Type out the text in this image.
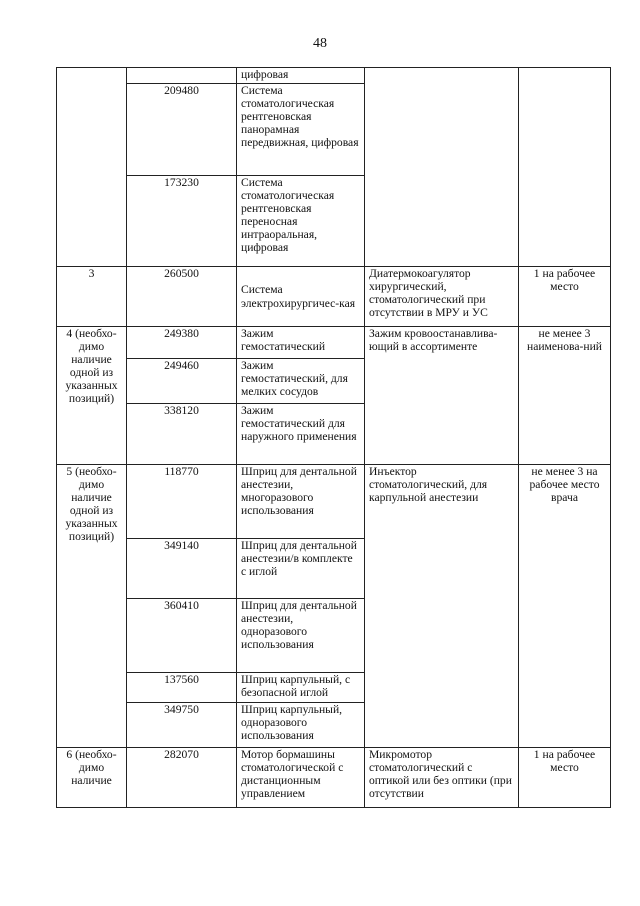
48
		цифровая		
	209480	Система стоматологическая рентгеновская панорамная передвижная, цифровая		
	173230	Система стоматологическая рентгеновская переносная интраоральная, цифровая		
3	260500	Система электрохирургичес-кая	Диатермокоагулятор хирургический, стоматологический при отсутствии в МРУ и УС	1 на рабочее место
4 (необхо-димо наличие одной из указанных позиций)	249380	Зажим гемостатический	Зажим кровоостанавлива-ющий в ассортименте	не менее 3 наименова-ний
	249460	Зажим гемостатический, для мелких сосудов		
	338120	Зажим гемостатический для наружного применения		
5 (необхо-димо наличие одной из указанных позиций)	118770	Шприц для дентальной анестезии, многоразового использования	Инъектор стоматологический, для карпульной анестезии	не менее 3 на рабочее место врача
	349140	Шприц для дентальной анестезии/в комплекте с иглой		
	360410	Шприц для дентальной анестезии, одноразового использования		
	137560	Шприц карпульный, с безопасной иглой		
	349750	Шприц карпульный, одноразового использования		
6 (необхо-димо наличие	282070	Мотор бормашины стоматологической с дистанционным управлением	Микромотор стоматологический с оптикой или без оптики (при отсутствии	1 на рабочее место
